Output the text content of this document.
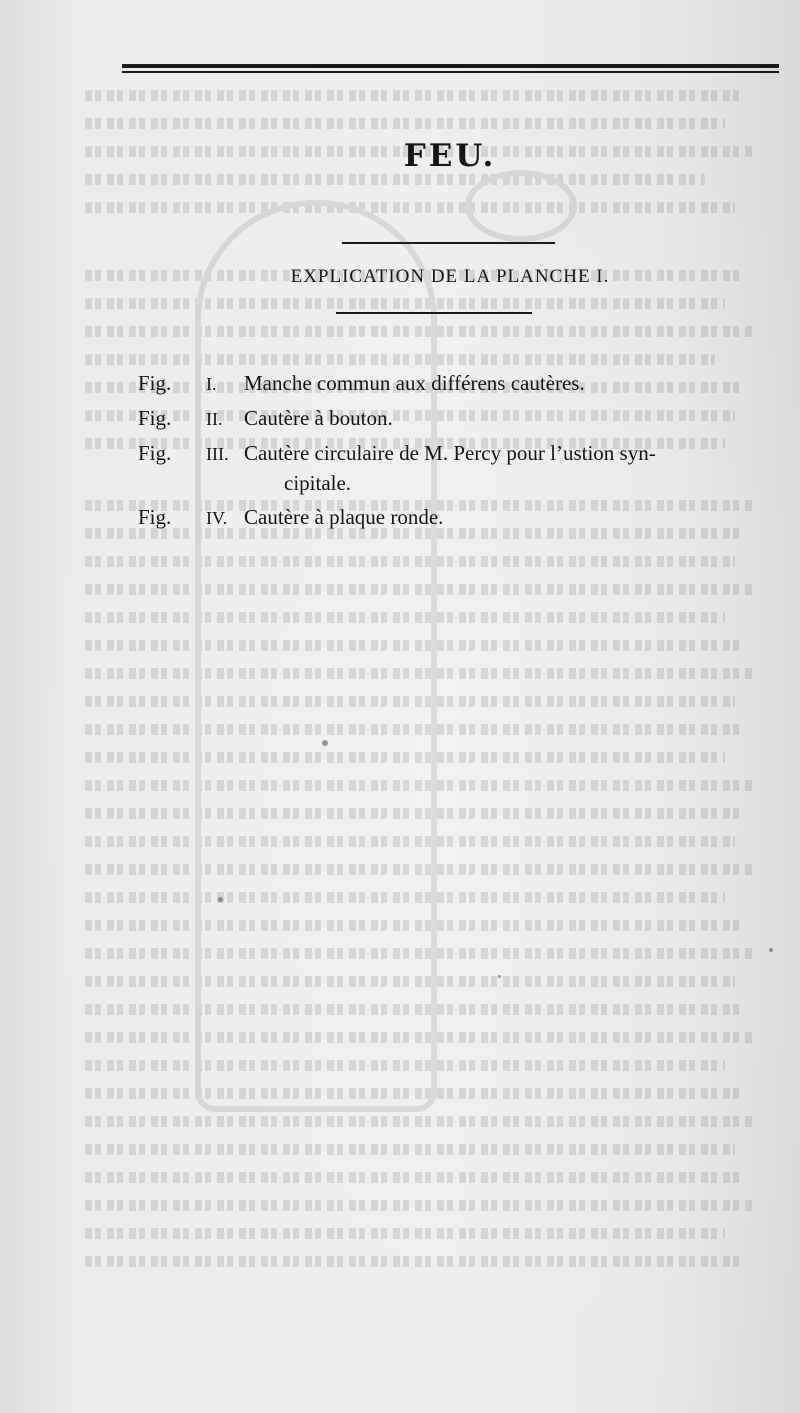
FEU.
EXPLICATION DE LA PLANCHE I.
Fig. I. Manche commun aux différens cautères.
Fig. II. Cautère à bouton.
Fig. III. Cautère circulaire de M. Percy pour l’ustion syn-
cipitale.
Fig. IV. Cautère à plaque ronde.
